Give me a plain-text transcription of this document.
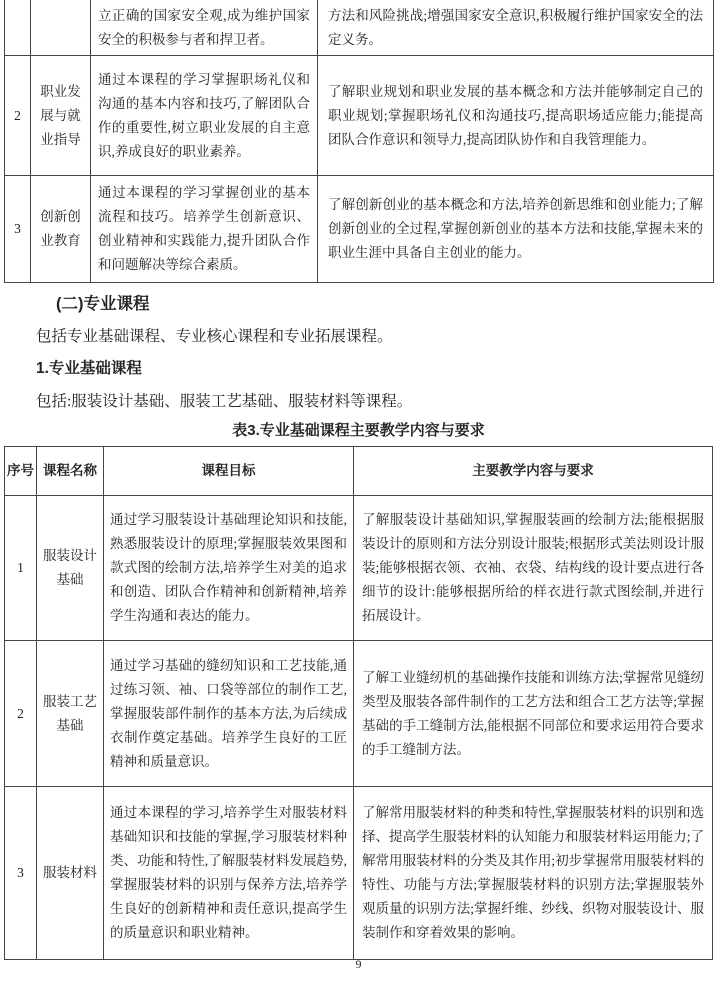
		立正确的国家安全观,成为维护国家安全的积极参与者和捍卫者。	方法和风险挑战;增强国家安全意识,积极履行维护国家安全的法定义务。
2	职业发展与就业指导	通过本课程的学习掌握职场礼仪和沟通的基本内容和技巧,了解团队合作的重要性,树立职业发展的自主意识,养成良好的职业素养。	了解职业规划和职业发展的基本概念和方法并能够制定自己的职业规划;掌握职场礼仪和沟通技巧,提高职场适应能力;能提高团队合作意识和领导力,提高团队协作和自我管理能力。
3	创新创业教育	通过本课程的学习掌握创业的基本流程和技巧。培养学生创新意识、创业精神和实践能力,提升团队合作和问题解决等综合素质。	了解创新创业的基本概念和方法,培养创新思维和创业能力;了解创新创业的全过程,掌握创新创业的基本方法和技能,掌握未来的职业生涯中具备自主创业的能力。
(二)专业课程
包括专业基础课程、专业核心课程和专业拓展课程。
1.专业基础课程
包括:服装设计基础、服装工艺基础、服装材料等课程。
表3.专业基础课程主要教学内容与要求
序号	课程名称	课程目标	主要教学内容与要求
1	服装设计基础	通过学习服装设计基础理论知识和技能,熟悉服装设计的原理;掌握服装效果图和款式图的绘制方法,培养学生对美的追求和创造、团队合作精神和创新精神,培养学生沟通和表达的能力。	了解服装设计基础知识,掌握服装画的绘制方法;能根据服装设计的原则和方法分别设计服装;根据形式美法则设计服装;能够根据衣领、衣袖、衣袋、结构线的设计要点进行各细节的设计:能够根据所给的样衣进行款式图绘制,并进行拓展设计。
2	服装工艺基础	通过学习基础的缝纫知识和工艺技能,通过练习领、袖、口袋等部位的制作工艺,掌握服装部件制作的基本方法,为后续成衣制作奠定基础。培养学生良好的工匠精神和质量意识。	了解工业缝纫机的基础操作技能和训练方法;掌握常见缝纫类型及服装各部件制作的工艺方法和组合工艺方法等;掌握基础的手工缝制方法,能根据不同部位和要求运用符合要求的手工缝制方法。
3	服装材料	通过本课程的学习,培养学生对服装材料基础知识和技能的掌握,学习服装材料种类、功能和特性,了解服装材料发展趋势,掌握服装材料的识别与保养方法,培养学生良好的创新精神和责任意识,提高学生的质量意识和职业精神。	了解常用服装材料的种类和特性,掌握服装材料的识别和选择、提高学生服装材料的认知能力和服装材料运用能力;了解常用服装材料的分类及其作用;初步掌握常用服装材料的特性、功能与方法;掌握服装材料的识别方法;掌握服装外观质量的识别方法;掌握纤维、纱线、织物对服装设计、服装制作和穿着效果的影响。
9
